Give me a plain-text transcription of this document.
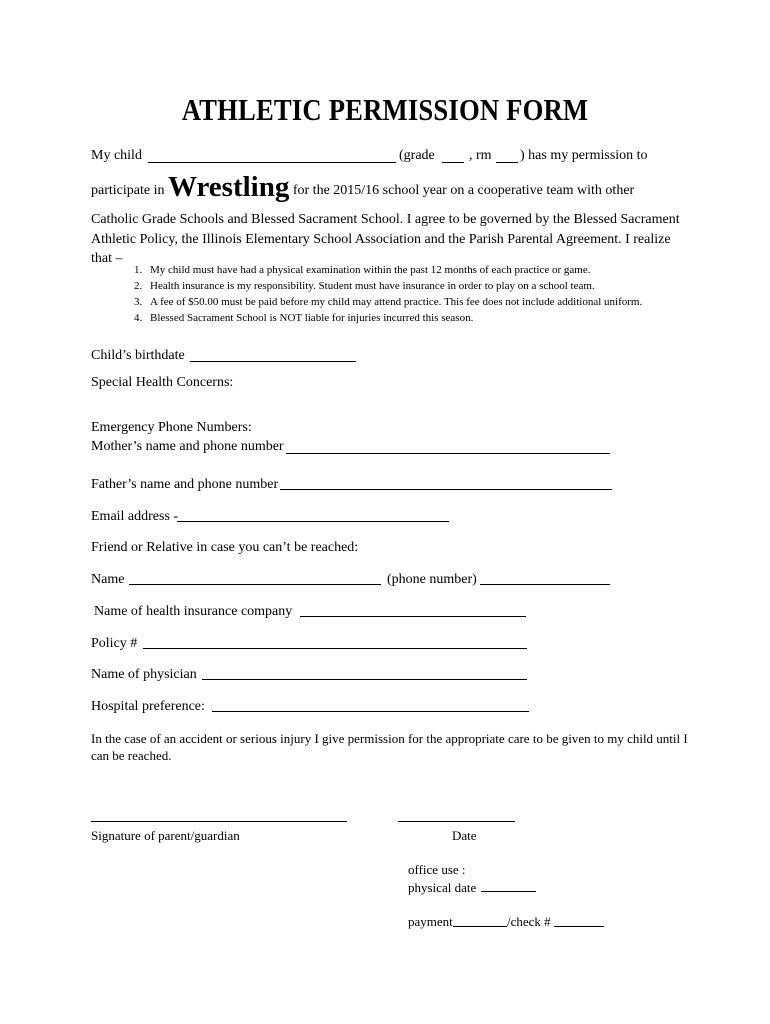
ATHLETIC PERMISSION FORM
My child	(grade , rm ) has my permission to
participate in Wrestling for the 2015/16 school year on a cooperative team with other
Catholic Grade Schools and Blessed Sacrament School. I agree to be governed by the Blessed Sacrament Athletic Policy, the Illinois Elementary School Association and the Parish Parental Agreement. I realize that –
1. My child must have had a physical examination within the past 12 months of each practice or game.
2. Health insurance is my responsibility. Student must have insurance in order to play on a school team.
3. A fee of $50.00 must be paid before my child may attend practice. This fee does not include additional uniform.
4. Blessed Sacrament School is NOT liable for injuries incurred this season.
Child’s birthdate
Special Health Concerns:
Emergency Phone Numbers:
Mother’s name and phone number
Father’s name and phone number
Email address -
Friend or Relative in case you can’t be reached:
Name	(phone number)
Name of health insurance company
Policy #
Name of physician
Hospital preference:
In the case of an accident or serious injury I give permission for the appropriate care to be given to my child until I can be reached.
Signature of parent/guardian	Date
office use :
physical date
payment	/check #
